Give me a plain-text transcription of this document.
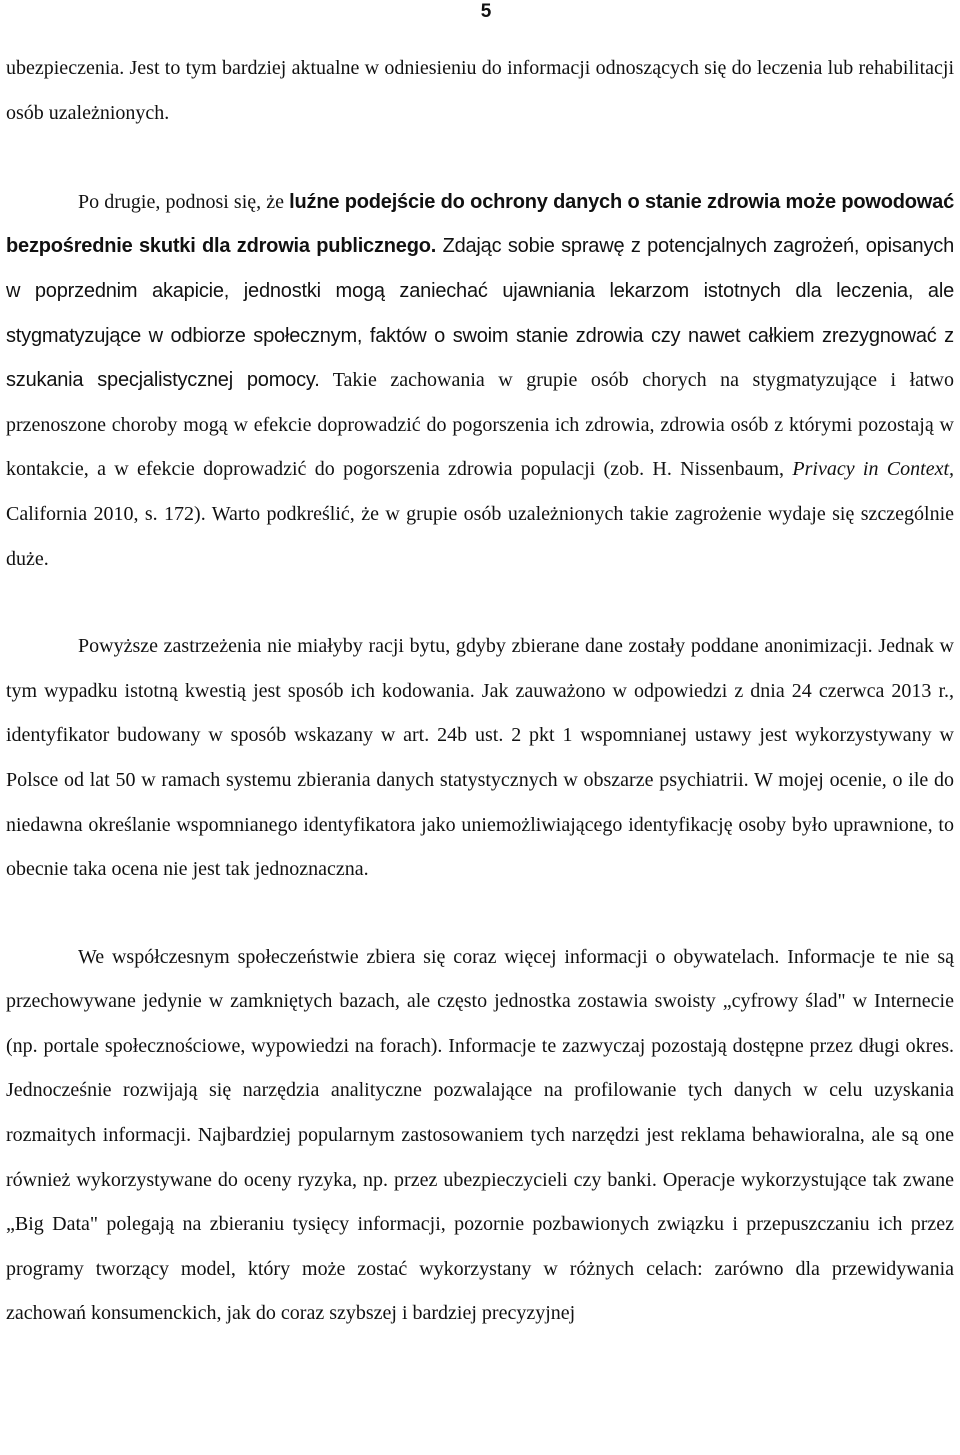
5

ubezpieczenia. Jest to tym bardziej aktualne w odniesieniu do informacji odnoszących się do leczenia lub rehabilitacji osób uzależnionych.

Po drugie, podnosi się, że luźne podejście do ochrony danych o stanie zdrowia może powodować bezpośrednie skutki dla zdrowia publicznego. Zdając sobie sprawę z potencjalnych zagrożeń, opisanych w poprzednim akapicie, jednostki mogą zaniechać ujawniania lekarzom istotnych dla leczenia, ale stygmatyzujące w odbiorze społecznym, faktów o swoim stanie zdrowia czy nawet całkiem zrezygnować z szukania specjalistycznej pomocy. Takie zachowania w grupie osób chorych na stygmatyzujące i łatwo przenoszone choroby mogą w efekcie doprowadzić do pogorszenia ich zdrowia, zdrowia osób z którymi pozostają w kontakcie, a w efekcie doprowadzić do pogorszenia zdrowia populacji (zob. H. Nissenbaum, Privacy in Context, California 2010, s. 172). Warto podkreślić, że w grupie osób uzależnionych takie zagrożenie wydaje się szczególnie duże.

Powyższe zastrzeżenia nie miałyby racji bytu, gdyby zbierane dane zostały poddane anonimizacji. Jednak w tym wypadku istotną kwestią jest sposób ich kodowania. Jak zauważono w odpowiedzi z dnia 24 czerwca 2013 r., identyfikator budowany w sposób wskazany w art. 24b ust. 2 pkt 1 wspomnianej ustawy jest wykorzystywany w Polsce od lat 50 w ramach systemu zbierania danych statystycznych w obszarze psychiatrii. W mojej ocenie, o ile do niedawna określanie wspomnianego identyfikatora jako uniemożliwiającego identyfikację osoby było uprawnione, to obecnie taka ocena nie jest tak jednoznaczna.

We współczesnym społeczeństwie zbiera się coraz więcej informacji o obywatelach. Informacje te nie są przechowywane jedynie w zamkniętych bazach, ale często jednostka zostawia swoisty „cyfrowy ślad" w Internecie (np. portale społecznościowe, wypowiedzi na forach). Informacje te zazwyczaj pozostają dostępne przez długi okres. Jednocześnie rozwijają się narzędzia analityczne pozwalające na profilowanie tych danych w celu uzyskania rozmaitych informacji. Najbardziej popularnym zastosowaniem tych narzędzi jest reklama behawioralna, ale są one również wykorzystywane do oceny ryzyka, np. przez ubezpieczycieli czy banki. Operacje wykorzystujące tak zwane „Big Data" polegają na zbieraniu tysięcy informacji, pozornie pozbawionych związku i przepuszczaniu ich przez programy tworzący model, który może zostać wykorzystany w różnych celach: zarówno dla przewidywania zachowań konsumenckich, jak do coraz szybszej i bardziej precyzyjnej
